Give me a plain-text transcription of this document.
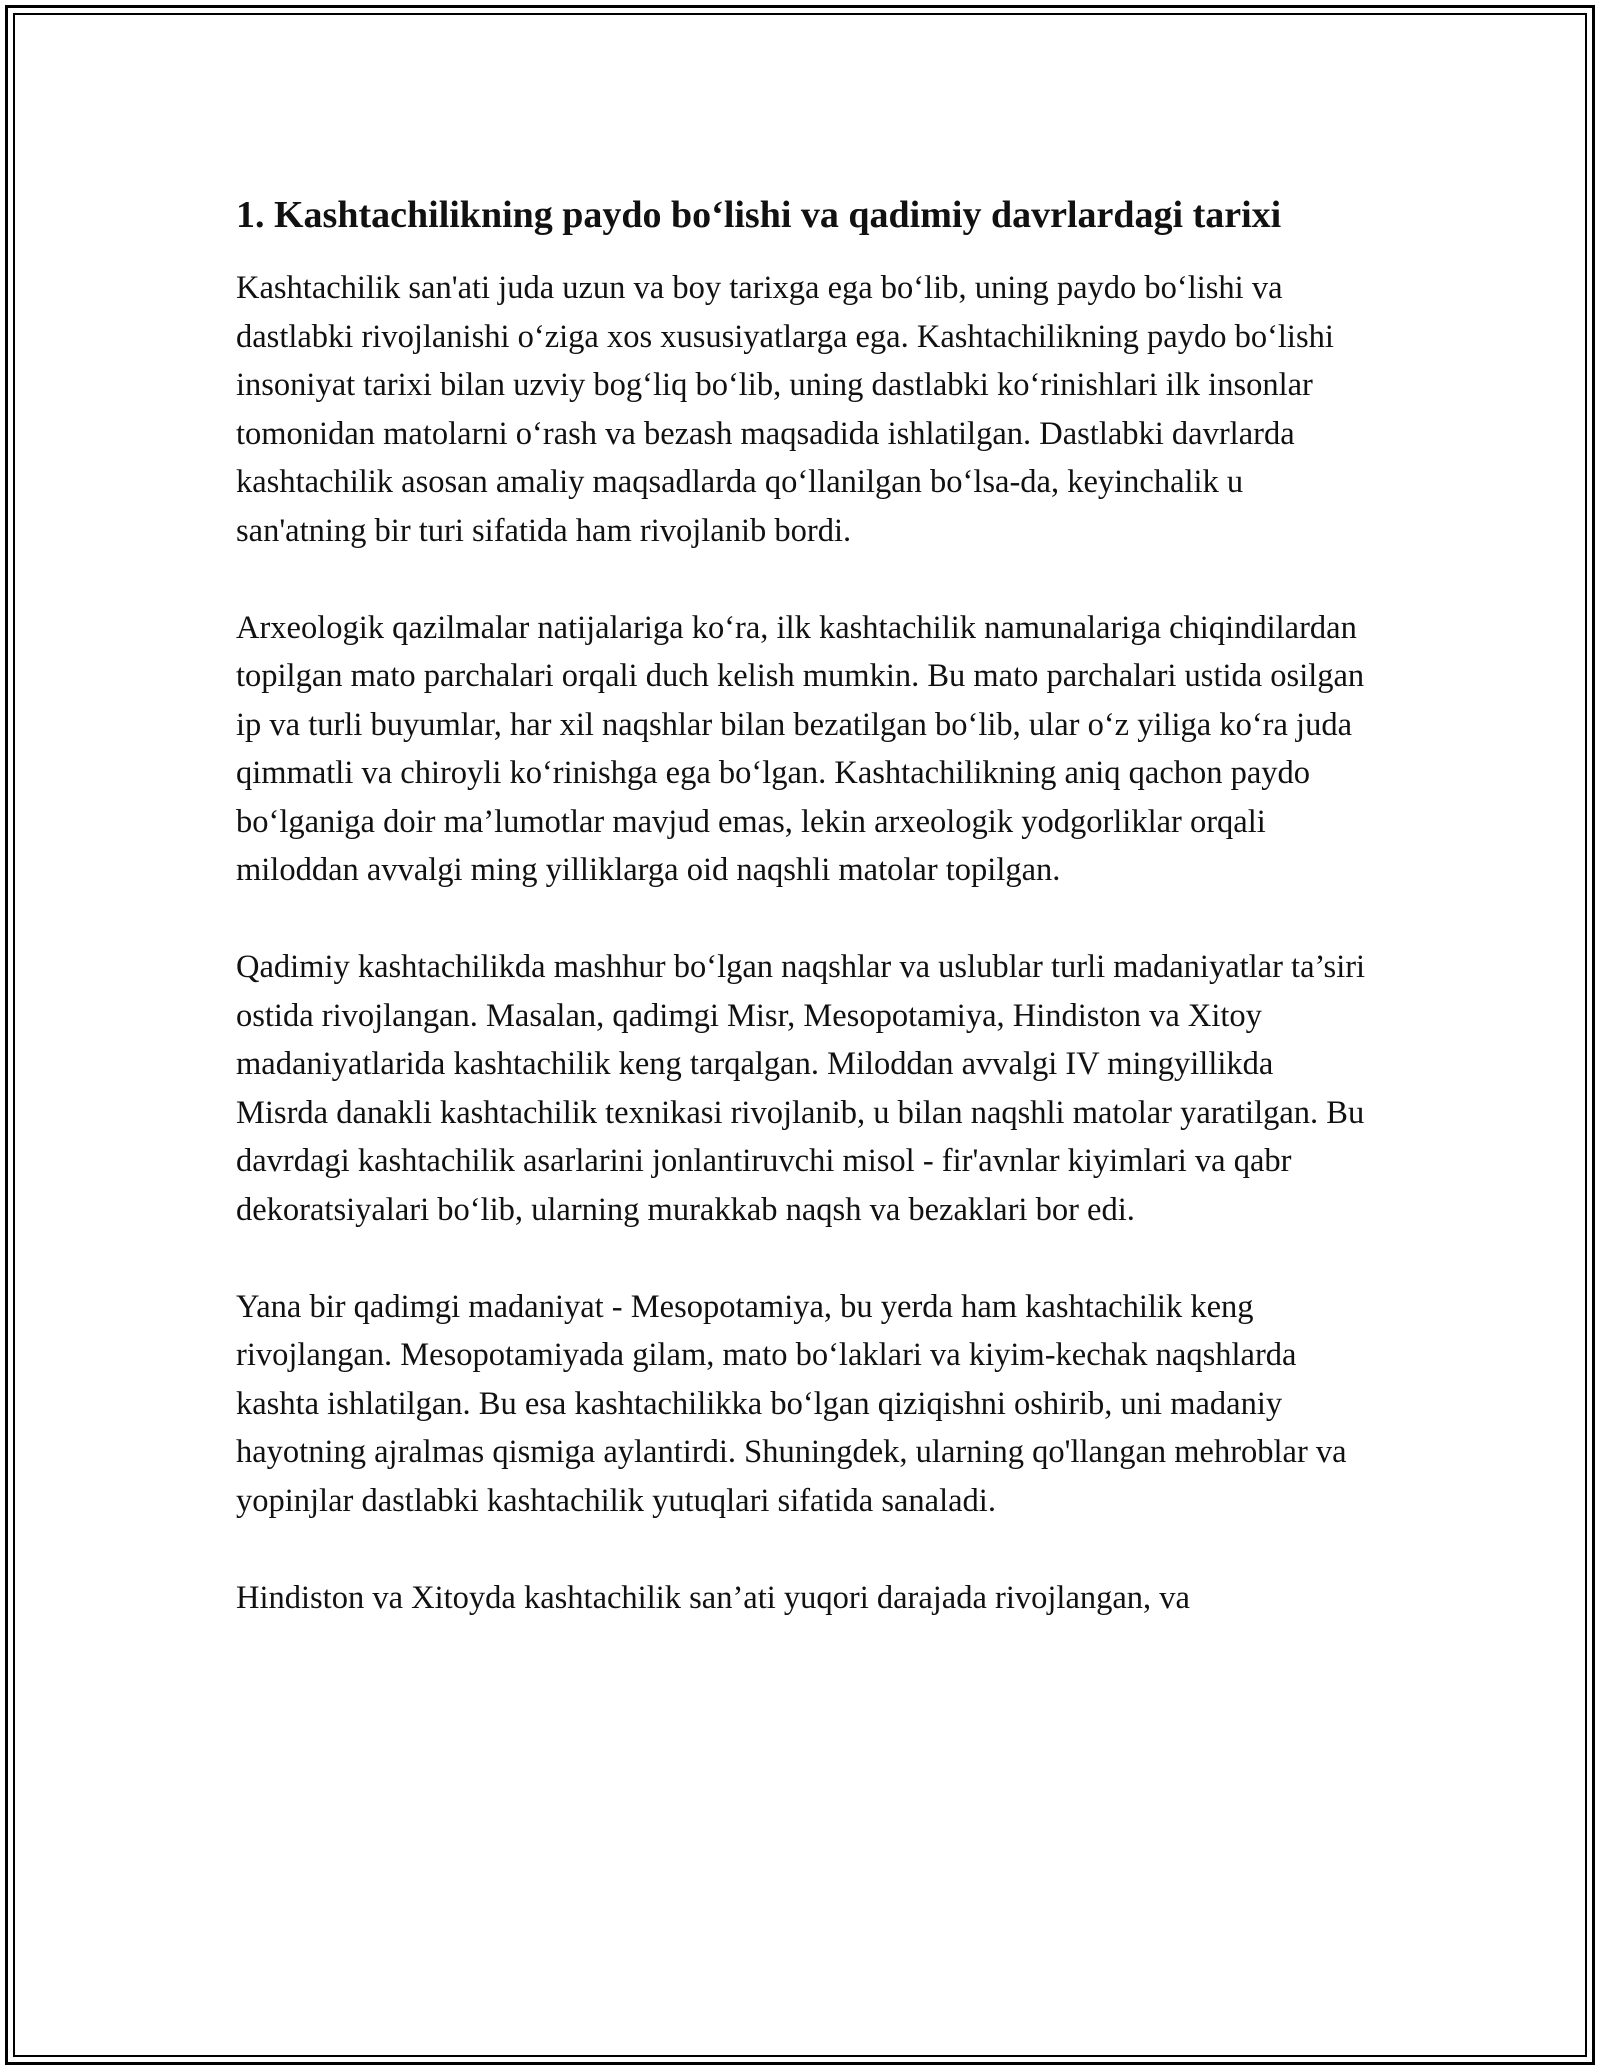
1. Kashtachilikning paydo bo‘lishi va qadimiy davrlardagi tarixi

Kashtachilik san'ati juda uzun va boy tarixga ega bo‘lib, uning paydo bo‘lishi va dastlabki rivojlanishi o‘ziga xos xususiyatlarga ega. Kashtachilikning paydo bo‘lishi insoniyat tarixi bilan uzviy bog‘liq bo‘lib, uning dastlabki ko‘rinishlari ilk insonlar tomonidan matolarni o‘rash va bezash maqsadida ishlatilgan. Dastlabki davrlarda kashtachilik asosan amaliy maqsadlarda qo‘llanilgan bo‘lsa-da, keyinchalik u san'atning bir turi sifatida ham rivojlanib bordi.

Arxeologik qazilmalar natijalariga ko‘ra, ilk kashtachilik namunalariga chiqindilardan topilgan mato parchalari orqali duch kelish mumkin. Bu mato parchalari ustida osilgan ip va turli buyumlar, har xil naqshlar bilan bezatilgan bo‘lib, ular o‘z yiliga ko‘ra juda qimmatli va chiroyli ko‘rinishga ega bo‘lgan. Kashtachilikning aniq qachon paydo bo‘lganiga doir ma’lumotlar mavjud emas, lekin arxeologik yodgorliklar orqali miloddan avvalgi ming yilliklarga oid naqshli matolar topilgan.

Qadimiy kashtachilikda mashhur bo‘lgan naqshlar va uslublar turli madaniyatlar ta’siri ostida rivojlangan. Masalan, qadimgi Misr, Mesopotamiya, Hindiston va Xitoy madaniyatlarida kashtachilik keng tarqalgan. Miloddan avvalgi IV mingyillikda Misrda danakli kashtachilik texnikasi rivojlanib, u bilan naqshli matolar yaratilgan. Bu davrdagi kashtachilik asarlarini jonlantiruvchi misol - fir'avnlar kiyimlari va qabr dekoratsiyalari bo‘lib, ularning murakkab naqsh va bezaklari bor edi.

Yana bir qadimgi madaniyat - Mesopotamiya, bu yerda ham kashtachilik keng rivojlangan. Mesopotamiyada gilam, mato bo‘laklari va kiyim-kechak naqshlarda kashta ishlatilgan. Bu esa kashtachilikka bo‘lgan qiziqishni oshirib, uni madaniy hayotning ajralmas qismiga aylantirdi. Shuningdek, ularning qo'llangan mehroblar va yopinjlar dastlabki kashtachilik yutuqlari sifatida sanaladi.

Hindiston va Xitoyda kashtachilik san’ati yuqori darajada rivojlangan, va
